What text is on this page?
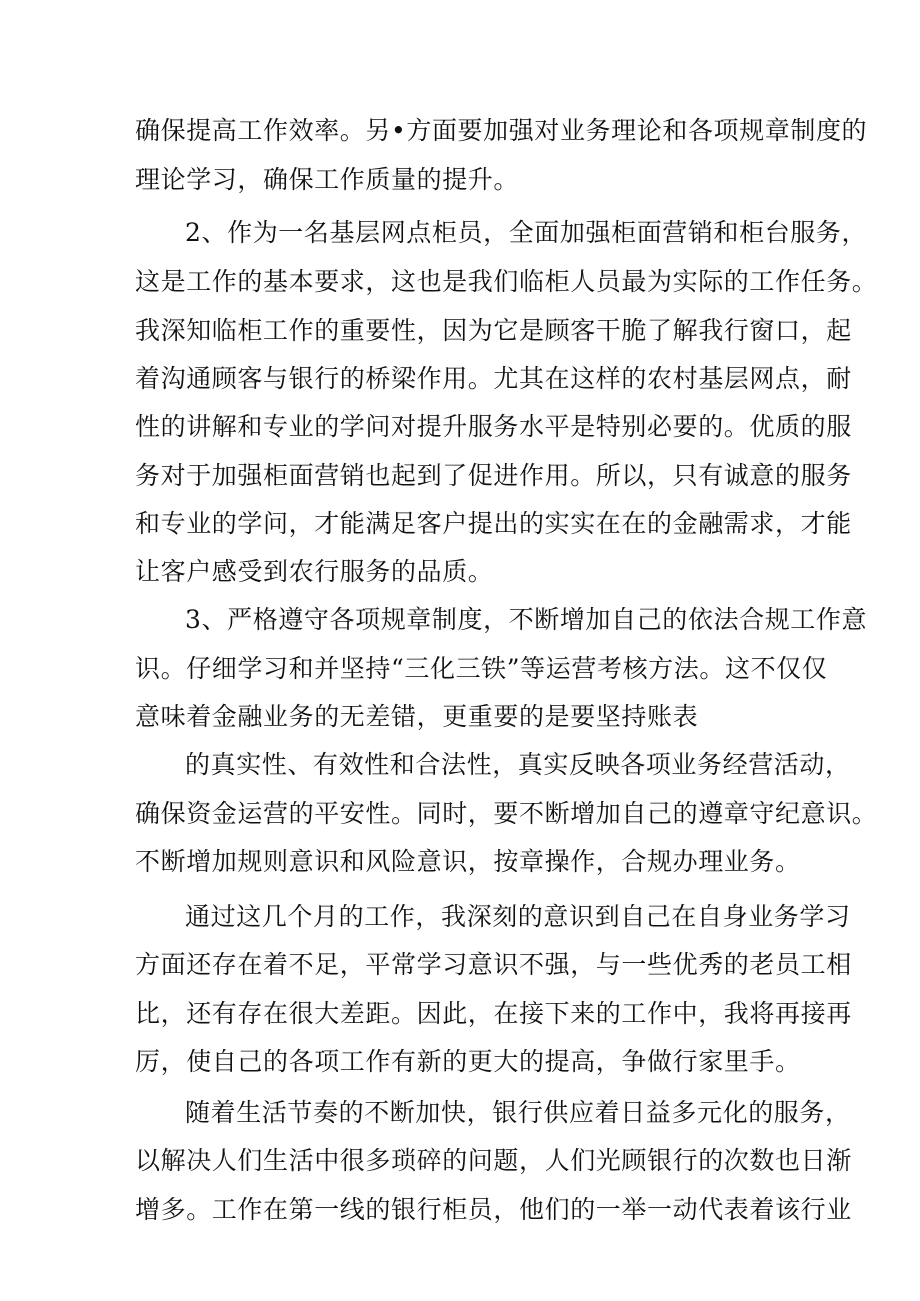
确保提高工作效率。另•方面要加强对业务理论和各项规章制度的
理论学习，确保工作质量的提升。
2、作为一名基层网点柜员，全面加强柜面营销和柜台服务，
这是工作的基本要求，这也是我们临柜人员最为实际的工作任务。
我深知临柜工作的重要性，因为它是顾客干脆了解我行窗口，起
着沟通顾客与银行的桥梁作用。尤其在这样的农村基层网点，耐
性的讲解和专业的学问对提升服务水平是特别必要的。优质的服
务对于加强柜面营销也起到了促进作用。所以，只有诚意的服务
和专业的学问，才能满足客户提出的实实在在的金融需求，才能
让客户感受到农行服务的品质。
3、严格遵守各项规章制度，不断增加自己的依法合规工作意
识。仔细学习和并坚持“三化三铁”等运营考核方法。这不仅仅
意味着金融业务的无差错，更重要的是要坚持账表
的真实性、有效性和合法性，真实反映各项业务经营活动，
确保资金运营的平安性。同时，要不断增加自己的遵章守纪意识。
不断增加规则意识和风险意识，按章操作，合规办理业务。
通过这几个月的工作，我深刻的意识到自己在自身业务学习
方面还存在着不足，平常学习意识不强，与一些优秀的老员工相
比，还有存在很大差距。因此，在接下来的工作中，我将再接再
厉，使自己的各项工作有新的更大的提高，争做行家里手。
随着生活节奏的不断加快，银行供应着日益多元化的服务，
以解决人们生活中很多琐碎的问题，人们光顾银行的次数也日渐
增多。工作在第一线的银行柜员，他们的一举一动代表着该行业
